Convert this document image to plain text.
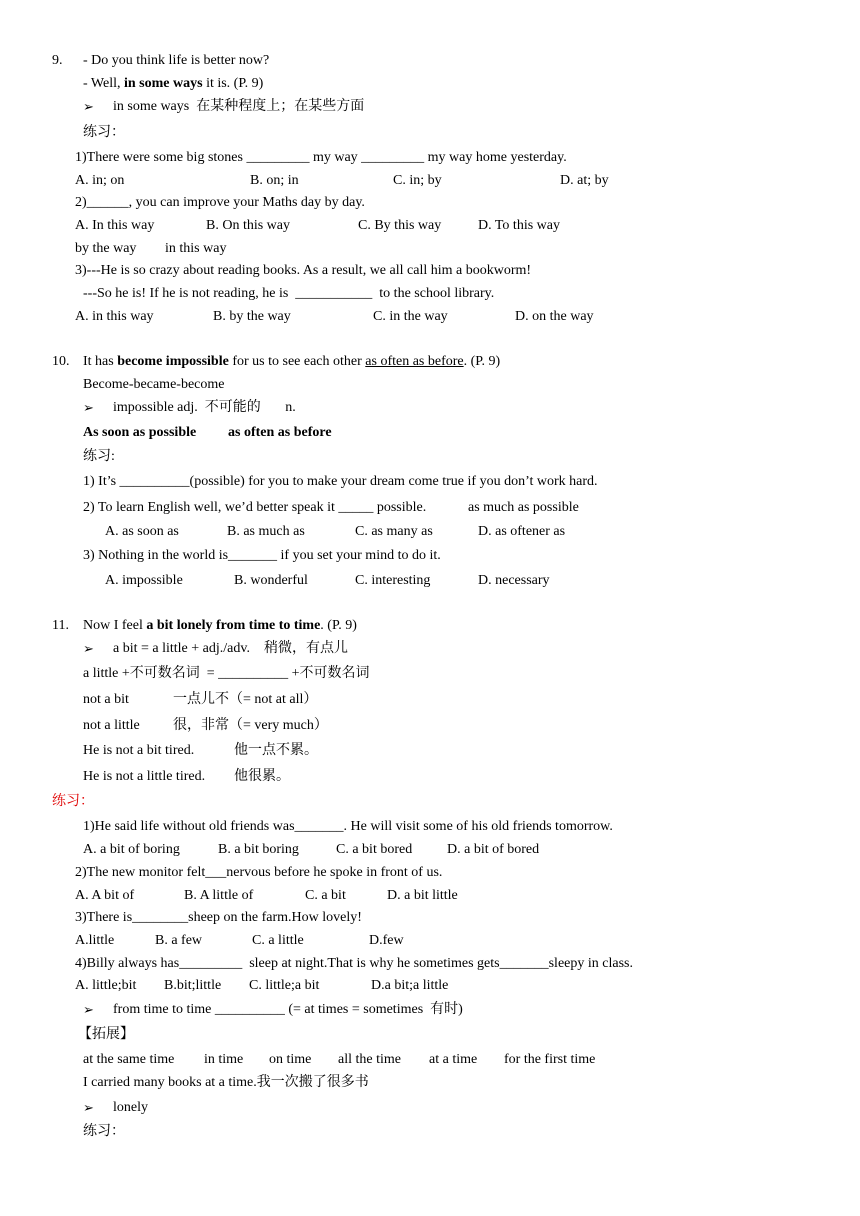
9. - Do you think life is better now?
- Well, in some ways it is. (P. 9)
➢ in some ways  在某种程度上；在某些方面
练习：
1)There were some big stones _________ my way _________ my way home yesterday.
A. in; on	B. on; in	C. in; by	D. at; by
2)______, you can improve your Maths day by day.
A. In this way	B. On this way	C. By this way	D. To this way
by the way in this way
3)---He is so crazy about reading books. As a result, we all call him a bookworm!
---So he is! If he is not reading, he is  ___________  to the school library.
A. in this way	B. by the way	C. in the way	D. on the way
10. It has become impossible for us to see each other as often as before. (P. 9)
Become-became-become
➢ impossible adj.  不可能的       n.
As soon as possible as often as before
练习:
1) It’s __________(possible) for you to make your dream come true if you don’t work hard.
2) To learn English well, we’d better speak it _____ possible.	as much as possible
A. as soon as	B. as much as	C. as many as	D. as oftener as
3) Nothing in the world is_______ if you set your mind to do it.
A. impossible	B. wonderful	C. interesting	D. necessary
11. Now I feel a bit lonely from time to time. (P. 9)
➢ a bit = a little + adj./adv.    稍微，有点儿
a little +不可数名词  = __________ +不可数名词
not a bit	一点儿不（= not at all）
not a little 很，非常（= very much）
He is not a bit tired.	他一点不累。
He is not a little tired. 他很累。
练习：
1)He said life without old friends was_______. He will visit some of his old friends tomorrow.
A. a bit of boring	B. a bit boring	C. a bit bored D. a bit of bored
2)The new monitor felt___nervous before he spoke in front of us.
A. A bit of	B. A little of	C. a bit	D. a bit little
3)There is________sheep on the farm.How lovely!
A.little	B. a few	C. a little	D.few
4)Billy always has_________  sleep at night.That is why he sometimes gets_______sleepy in class.
A. little;bit B.bit;little C. little;a bit	D.a bit;a little
➢ from time to time __________ (= at times = sometimes  有时)
【拓展】
at the same time in time on time all the time at a time for the first time
I carried many books at a time.我一次搬了很多书
➢ lonely
练习：
